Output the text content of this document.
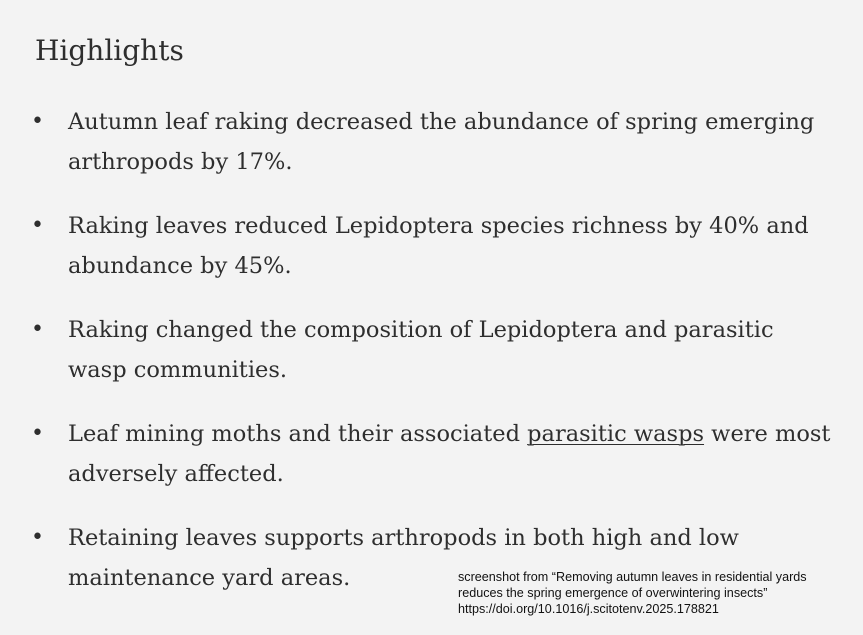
Highlights
• Autumn leaf raking decreased the abundance of spring emerging arthropods by 17%.
• Raking leaves reduced Lepidoptera species richness by 40% and abundance by 45%.
• Raking changed the composition of Lepidoptera and parasitic wasp communities.
• Leaf mining moths and their associated parasitic wasps were most adversely affected.
• Retaining leaves supports arthropods in both high and low maintenance yard areas.	screenshot from “Removing autumn leaves in residential yards reduces the spring emergence of overwintering insects” https://doi.org/10.1016/j.scitotenv.2025.178821
